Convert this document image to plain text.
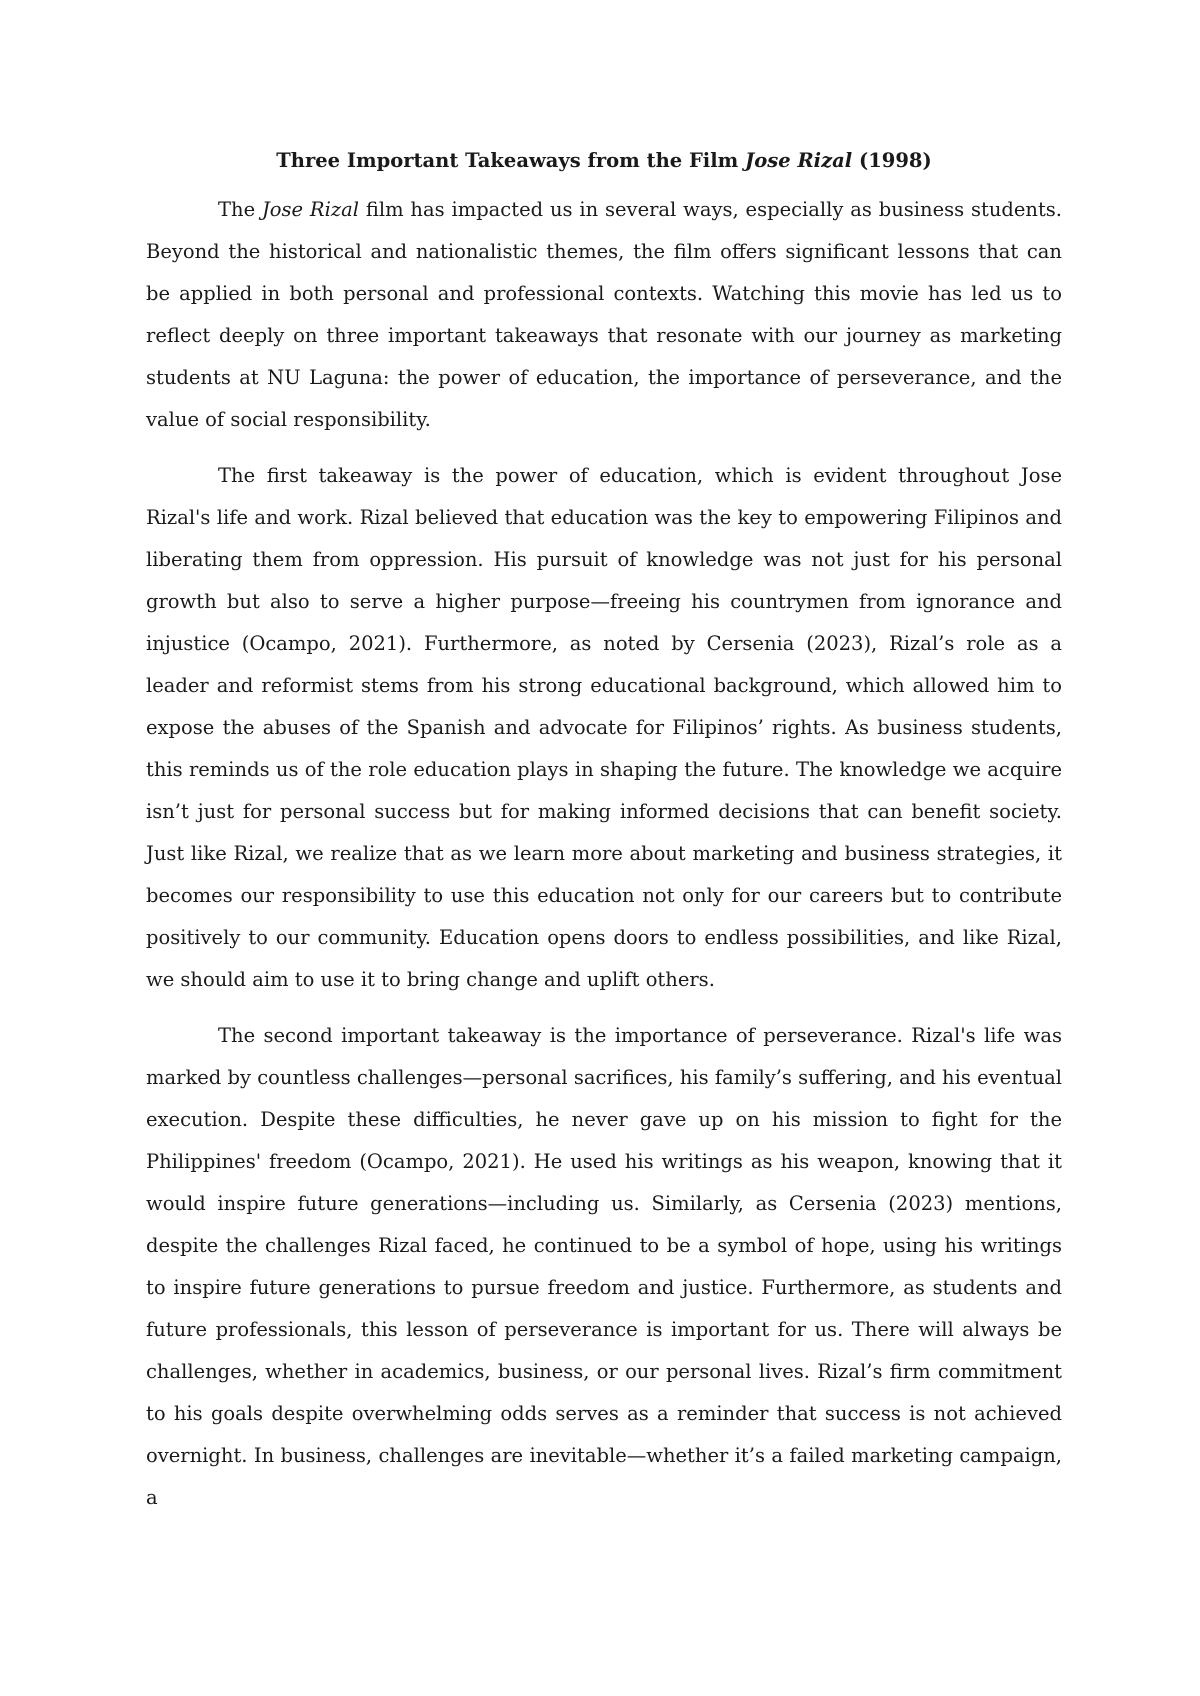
Three Important Takeaways from the Film Jose Rizal (1998)

The Jose Rizal film has impacted us in several ways, especially as business students. Beyond the historical and nationalistic themes, the film offers significant lessons that can be applied in both personal and professional contexts. Watching this movie has led us to reflect deeply on three important takeaways that resonate with our journey as marketing students at NU Laguna: the power of education, the importance of perseverance, and the value of social responsibility.

The first takeaway is the power of education, which is evident throughout Jose Rizal's life and work. Rizal believed that education was the key to empowering Filipinos and liberating them from oppression. His pursuit of knowledge was not just for his personal growth but also to serve a higher purpose—freeing his countrymen from ignorance and injustice (Ocampo, 2021). Furthermore, as noted by Cersenia (2023), Rizal’s role as a leader and reformist stems from his strong educational background, which allowed him to expose the abuses of the Spanish and advocate for Filipinos’ rights. As business students, this reminds us of the role education plays in shaping the future. The knowledge we acquire isn’t just for personal success but for making informed decisions that can benefit society. Just like Rizal, we realize that as we learn more about marketing and business strategies, it becomes our responsibility to use this education not only for our careers but to contribute positively to our community. Education opens doors to endless possibilities, and like Rizal, we should aim to use it to bring change and uplift others.

The second important takeaway is the importance of perseverance. Rizal's life was marked by countless challenges—personal sacrifices, his family’s suffering, and his eventual execution. Despite these difficulties, he never gave up on his mission to fight for the Philippines' freedom (Ocampo, 2021). He used his writings as his weapon, knowing that it would inspire future generations—including us. Similarly, as Cersenia (2023) mentions, despite the challenges Rizal faced, he continued to be a symbol of hope, using his writings to inspire future generations to pursue freedom and justice. Furthermore, as students and future professionals, this lesson of perseverance is important for us. There will always be challenges, whether in academics, business, or our personal lives. Rizal’s firm commitment to his goals despite overwhelming odds serves as a reminder that success is not achieved overnight. In business, challenges are inevitable—whether it’s a failed marketing campaign, a
